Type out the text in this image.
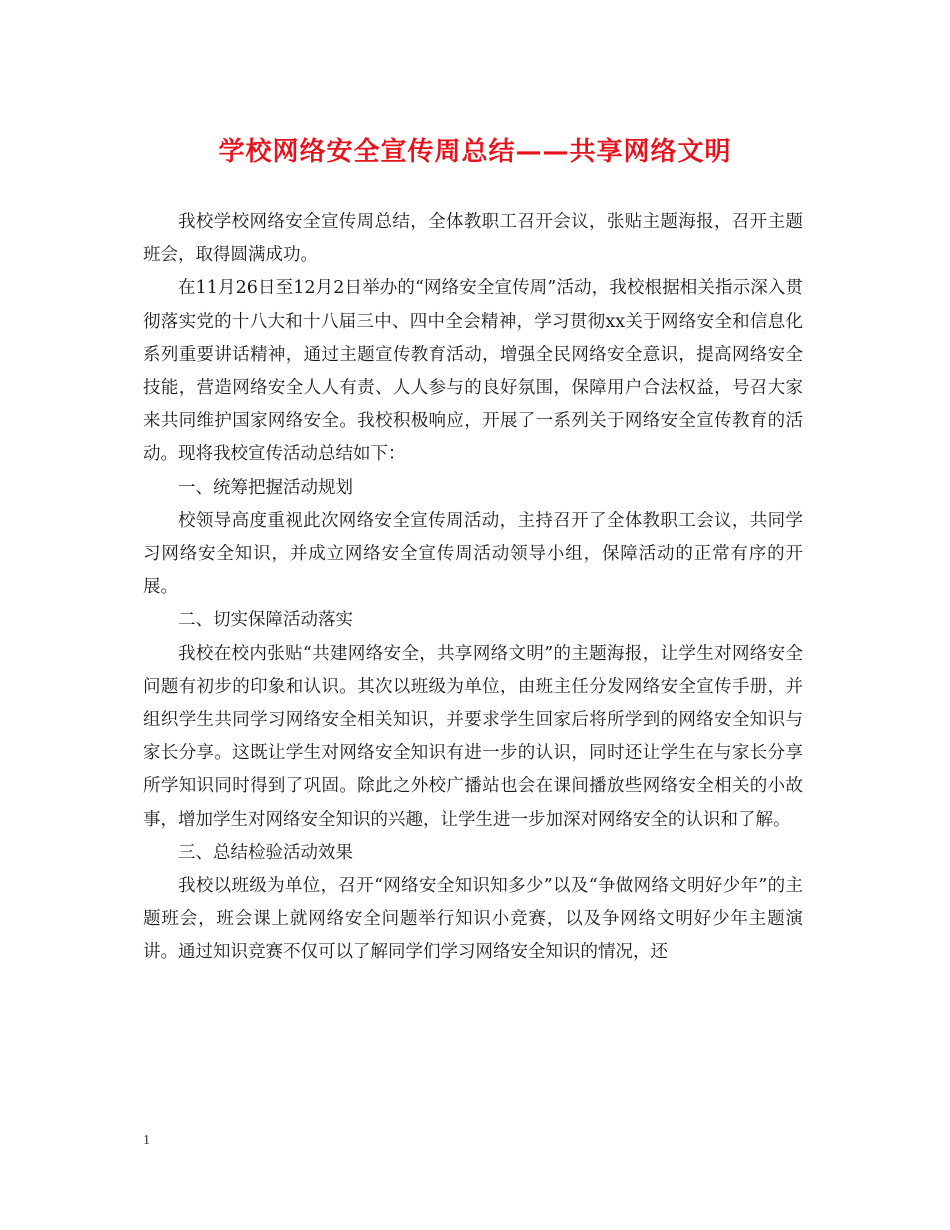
学校网络安全宣传周总结——共享网络文明

我校学校网络安全宣传周总结，全体教职工召开会议，张贴主题海报，召开主题班会，取得圆满成功。

在11月26日至12月2日举办的“网络安全宣传周”活动，我校根据相关指示深入贯彻落实党的十八大和十八届三中、四中全会精神，学习贯彻xx关于网络安全和信息化系列重要讲话精神，通过主题宣传教育活动，增强全民网络安全意识，提高网络安全技能，营造网络安全人人有责、人人参与的良好氛围，保障用户合法权益，号召大家来共同维护国家网络安全。我校积极响应，开展了一系列关于网络安全宣传教育的活动。现将我校宣传活动总结如下：

一、统筹把握活动规划

校领导高度重视此次网络安全宣传周活动，主持召开了全体教职工会议，共同学习网络安全知识，并成立网络安全宣传周活动领导小组，保障活动的正常有序的开展。

二、切实保障活动落实

我校在校内张贴“共建网络安全，共享网络文明”的主题海报，让学生对网络安全问题有初步的印象和认识。其次以班级为单位，由班主任分发网络安全宣传手册，并组织学生共同学习网络安全相关知识，并要求学生回家后将所学到的网络安全知识与家长分享。这既让学生对网络安全知识有进一步的认识，同时还让学生在与家长分享所学知识同时得到了巩固。除此之外校广播站也会在课间播放些网络安全相关的小故事，增加学生对网络安全知识的兴趣，让学生进一步加深对网络安全的认识和了解。

三、总结检验活动效果

我校以班级为单位，召开“网络安全知识知多少”以及“争做网络文明好少年”的主题班会，班会课上就网络安全问题举行知识小竞赛，以及争网络文明好少年主题演讲。通过知识竞赛不仅可以了解同学们学习网络安全知识的情况，还

1
